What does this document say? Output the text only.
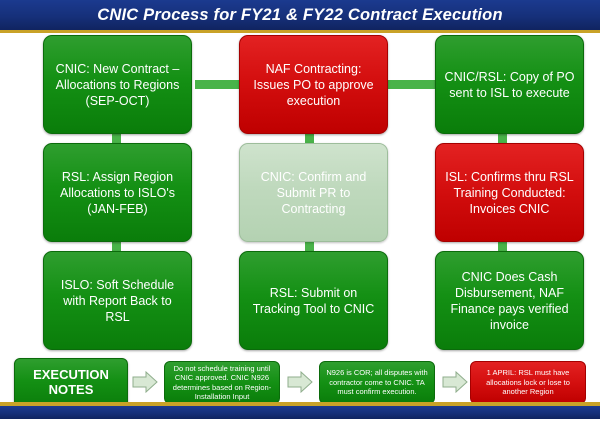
CNIC Process for FY21 & FY22 Contract Execution
CNIC: New Contract – Allocations to Regions (SEP-OCT)
RSL: Assign Region Allocations to ISLO's (JAN-FEB)
ISLO: Soft Schedule with Report Back to RSL
NAF Contracting: Issues PO to approve execution
CNIC: Confirm and Submit PR to Contracting
RSL: Submit on Tracking Tool to CNIC
CNIC/RSL: Copy of PO sent to ISL to execute
ISL: Confirms thru RSL Training Conducted: Invoices CNIC
CNIC Does Cash Disbursement, NAF Finance pays verified invoice
EXECUTION NOTES
Do not schedule training until CNIC approved. CNIC N926 determines based on Region-Installation Input
N926 is COR; all disputes with contractor come to CNIC. TA must confirm execution.
1 APRIL: RSL must have allocations lock or lose to another Region
